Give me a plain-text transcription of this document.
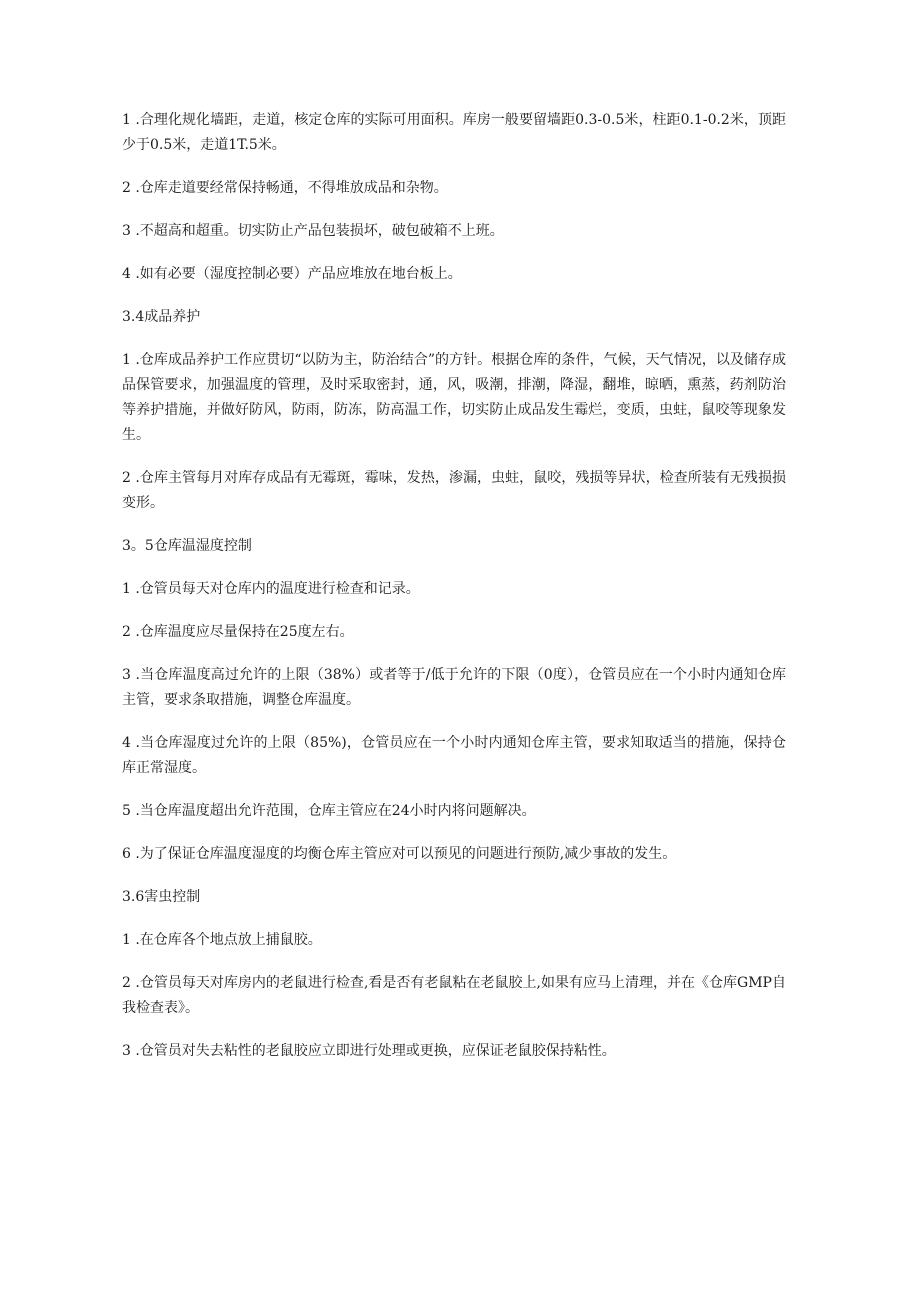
1 .合理化规化墙距，走道，核定仓库的实际可用面积。库房一般要留墙距0.3-0.5米，柱距0.1-0.2米，顶距少于0.5米，走道1T.5米。

2 .仓库走道要经常保持畅通，不得堆放成品和杂物。

3 .不超高和超重。切实防止产品包装损坏，破包破箱不上班。

4 .如有必要（湿度控制必要）产品应堆放在地台板上。

3.4成品养护

1 .仓库成品养护工作应贯切“以防为主，防治结合”的方针。根据仓库的条件，气候，天气情况，以及储存成品保管要求，加强温度的管理，及时采取密封，通，风，吸潮，排潮，降湿，翻堆，晾晒，熏蒸，药剂防治等养护措施，并做好防风，防雨，防冻，防高温工作，切实防止成品发生霉烂，变质，虫蛀，鼠咬等现象发生。

2 .仓库主管每月对库存成品有无霉斑，霉味，发热，渗漏，虫蛀，鼠咬，残损等异状，检查所装有无残损损变形。

3。5仓库温湿度控制

1 .仓管员每天对仓库内的温度进行检查和记录。

2 .仓库温度应尽量保持在25度左右。

3 .当仓库温度高过允许的上限（38%）或者等于/低于允许的下限（0度），仓管员应在一个小时内通知仓库主管，要求条取措施，调整仓库温度。

4 .当仓库湿度过允许的上限（85%)，仓管员应在一个小时内通知仓库主管，要求知取适当的措施，保持仓库正常湿度。

5 .当仓库温度超出允许范围，仓库主管应在24小时内将问题解决。

6 .为了保证仓库温度湿度的均衡仓库主管应对可以预见的问题进行预防,减少事故的发生。

3.6害虫控制

1 .在仓库各个地点放上捕鼠胶。

2 .仓管员每天对库房内的老鼠进行检查,看是否有老鼠粘在老鼠胶上,如果有应马上清理，并在《仓库GMP自我检查表》。

3 .仓管员对失去粘性的老鼠胶应立即进行处理或更换，应保证老鼠胶保持粘性。
